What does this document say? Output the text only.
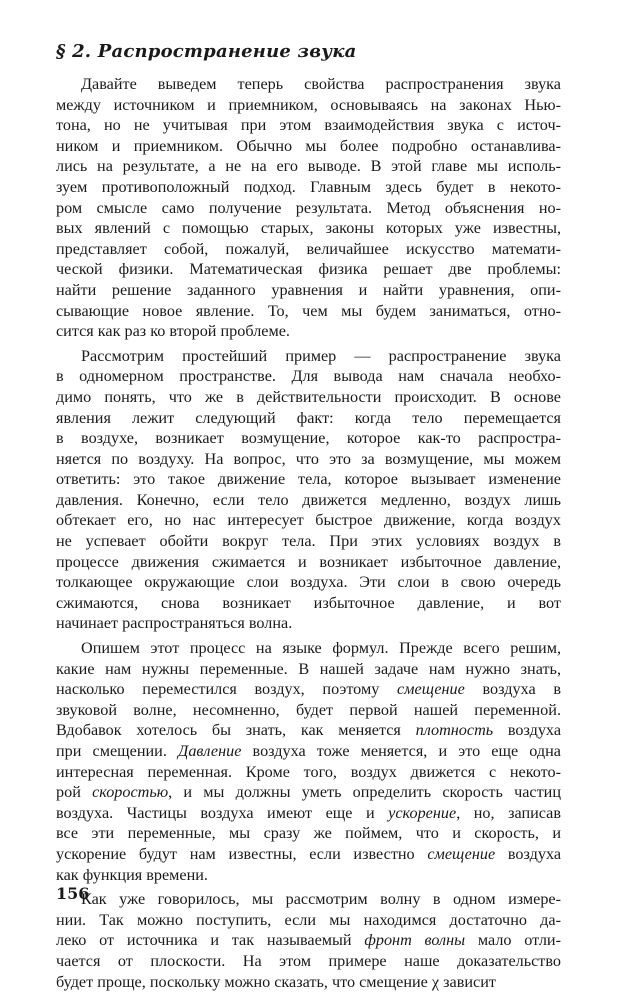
§ 2. Распространение звука
Давайте выведем теперь свойства распространения звука
между источником и приемником, основываясь на законах Нью-
тона, но не учитывая при этом взаимодействия звука с источ-
ником и приемником. Обычно мы более подробно останавлива-
лись на результате, а не на его выводе. В этой главе мы исполь-
зуем противоположный подход. Главным здесь будет в некото-
ром смысле само получение результата. Метод объяснения но-
вых явлений с помощью старых, законы которых уже известны,
представляет собой, пожалуй, величайшее искусство математи-
ческой физики. Математическая физика решает две проблемы:
найти решение заданного уравнения и найти уравнения, опи-
сывающие новое явление. То, чем мы будем заниматься, отно-
сится как раз ко второй проблеме.
Рассмотрим простейший пример — распространение звука
в одномерном пространстве. Для вывода нам сначала необхо-
димо понять, что же в действительности происходит. В основе
явления лежит следующий факт: когда тело перемещается
в воздухе, возникает возмущение, которое как-то распростра-
няется по воздуху. На вопрос, что это за возмущение, мы можем
ответить: это такое движение тела, которое вызывает изменение
давления. Конечно, если тело движется медленно, воздух лишь
обтекает его, но нас интересует быстрое движение, когда воздух
не успевает обойти вокруг тела. При этих условиях воздух в
процессе движения сжимается и возникает избыточное давление,
толкающее окружающие слои воздуха. Эти слои в свою очередь
сжимаются, снова возникает избыточное давление, и вот
начинает распространяться волна.
Опишем этот процесс на языке формул. Прежде всего решим,
какие нам нужны переменные. В нашей задаче нам нужно знать,
насколько переместился воздух, поэтому смещение воздуха в
звуковой волне, несомненно, будет первой нашей переменной.
Вдобавок хотелось бы знать, как меняется плотность воздуха
при смещении. Давление воздуха тоже меняется, и это еще одна
интересная переменная. Кроме того, воздух движется с некото-
рой скоростью, и мы должны уметь определить скорость частиц
воздуха. Частицы воздуха имеют еще и ускорение, но, записав
все эти переменные, мы сразу же поймем, что и скорость, и
ускорение будут нам известны, если известно смещение воздуха
как функция времени.
Как уже говорилось, мы рассмотрим волну в одном измере-
нии. Так можно поступить, если мы находимся достаточно да-
леко от источника и так называемый фронт волны мало отли-
чается от плоскости. На этом примере наше доказательство
будет проще, поскольку можно сказать, что смещение χ зависит
156
